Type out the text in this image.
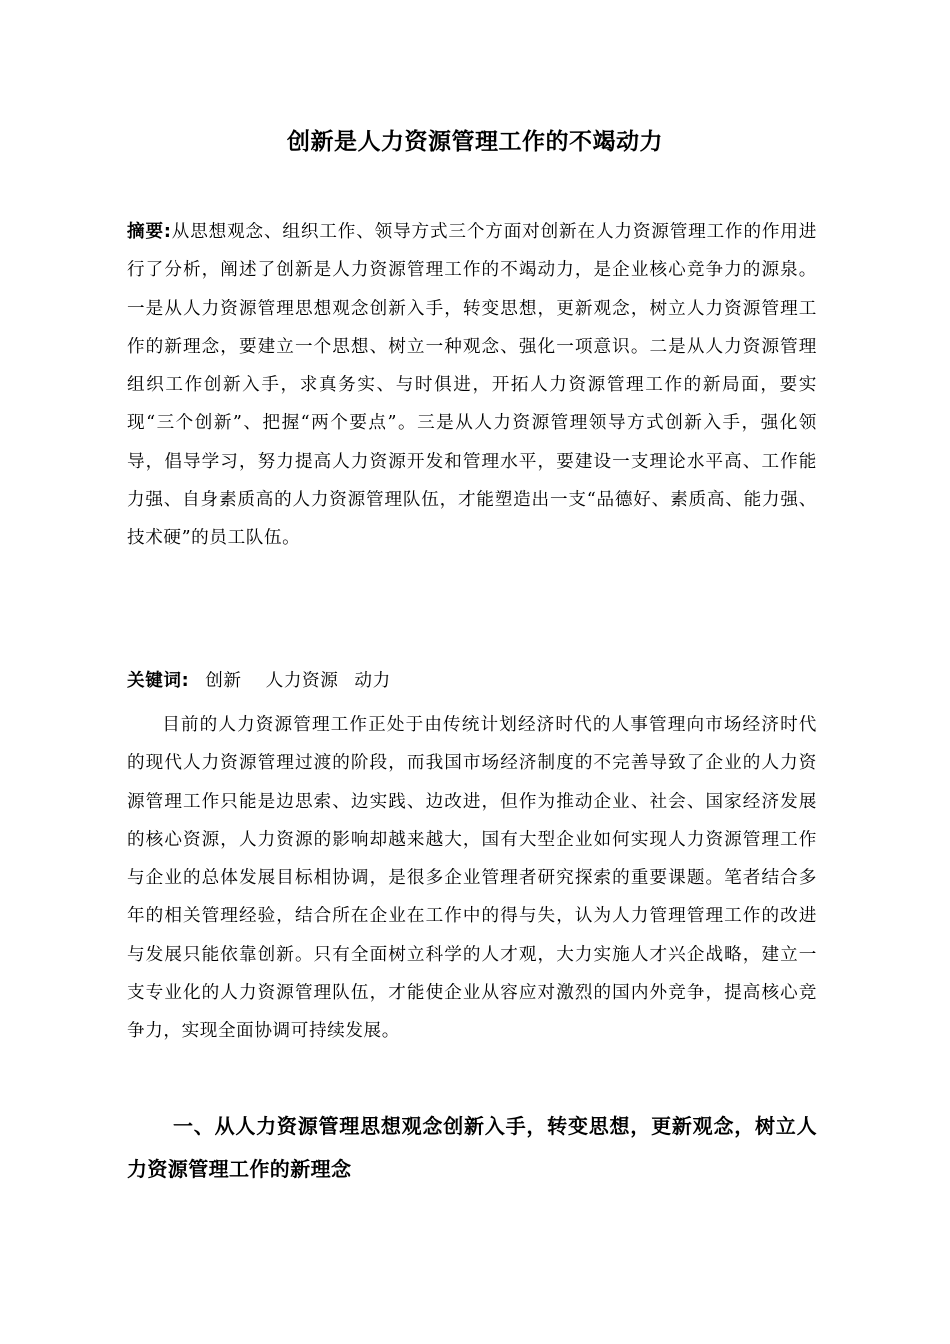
创新是人力资源管理工作的不竭动力
摘要:从思想观念、组织工作、领导方式三个方面对创新在人力资源管理工作的作用进行了分析，阐述了创新是人力资源管理工作的不竭动力，是企业核心竞争力的源泉。一是从人力资源管理思想观念创新入手，转变思想，更新观念，树立人力资源管理工作的新理念，要建立一个思想、树立一种观念、强化一项意识。二是从人力资源管理组织工作创新入手，求真务实、与时俱进，开拓人力资源管理工作的新局面，要实现“三个创新”、把握“两个要点”。三是从人力资源管理领导方式创新入手，强化领导，倡导学习，努力提高人力资源开发和管理水平，要建设一支理论水平高、工作能力强、自身素质高的人力资源管理队伍，才能塑造出一支“品德好、素质高、能力强、技术硬”的员工队伍。
关键词: 创新 人力资源 动力
目前的人力资源管理工作正处于由传统计划经济时代的人事管理向市场经济时代的现代人力资源管理过渡的阶段，而我国市场经济制度的不完善导致了企业的人力资源管理工作只能是边思索、边实践、边改进，但作为推动企业、社会、国家经济发展的核心资源，人力资源的影响却越来越大，国有大型企业如何实现人力资源管理工作与企业的总体发展目标相协调，是很多企业管理者研究探索的重要课题。笔者结合多年的相关管理经验，结合所在企业在工作中的得与失，认为人力管理管理工作的改进与发展只能依靠创新。只有全面树立科学的人才观，大力实施人才兴企战略，建立一支专业化的人力资源管理队伍，才能使企业从容应对激烈的国内外竞争，提高核心竞争力，实现全面协调可持续发展。
一、从人力资源管理思想观念创新入手，转变思想，更新观念，树立人力资源管理工作的新理念
